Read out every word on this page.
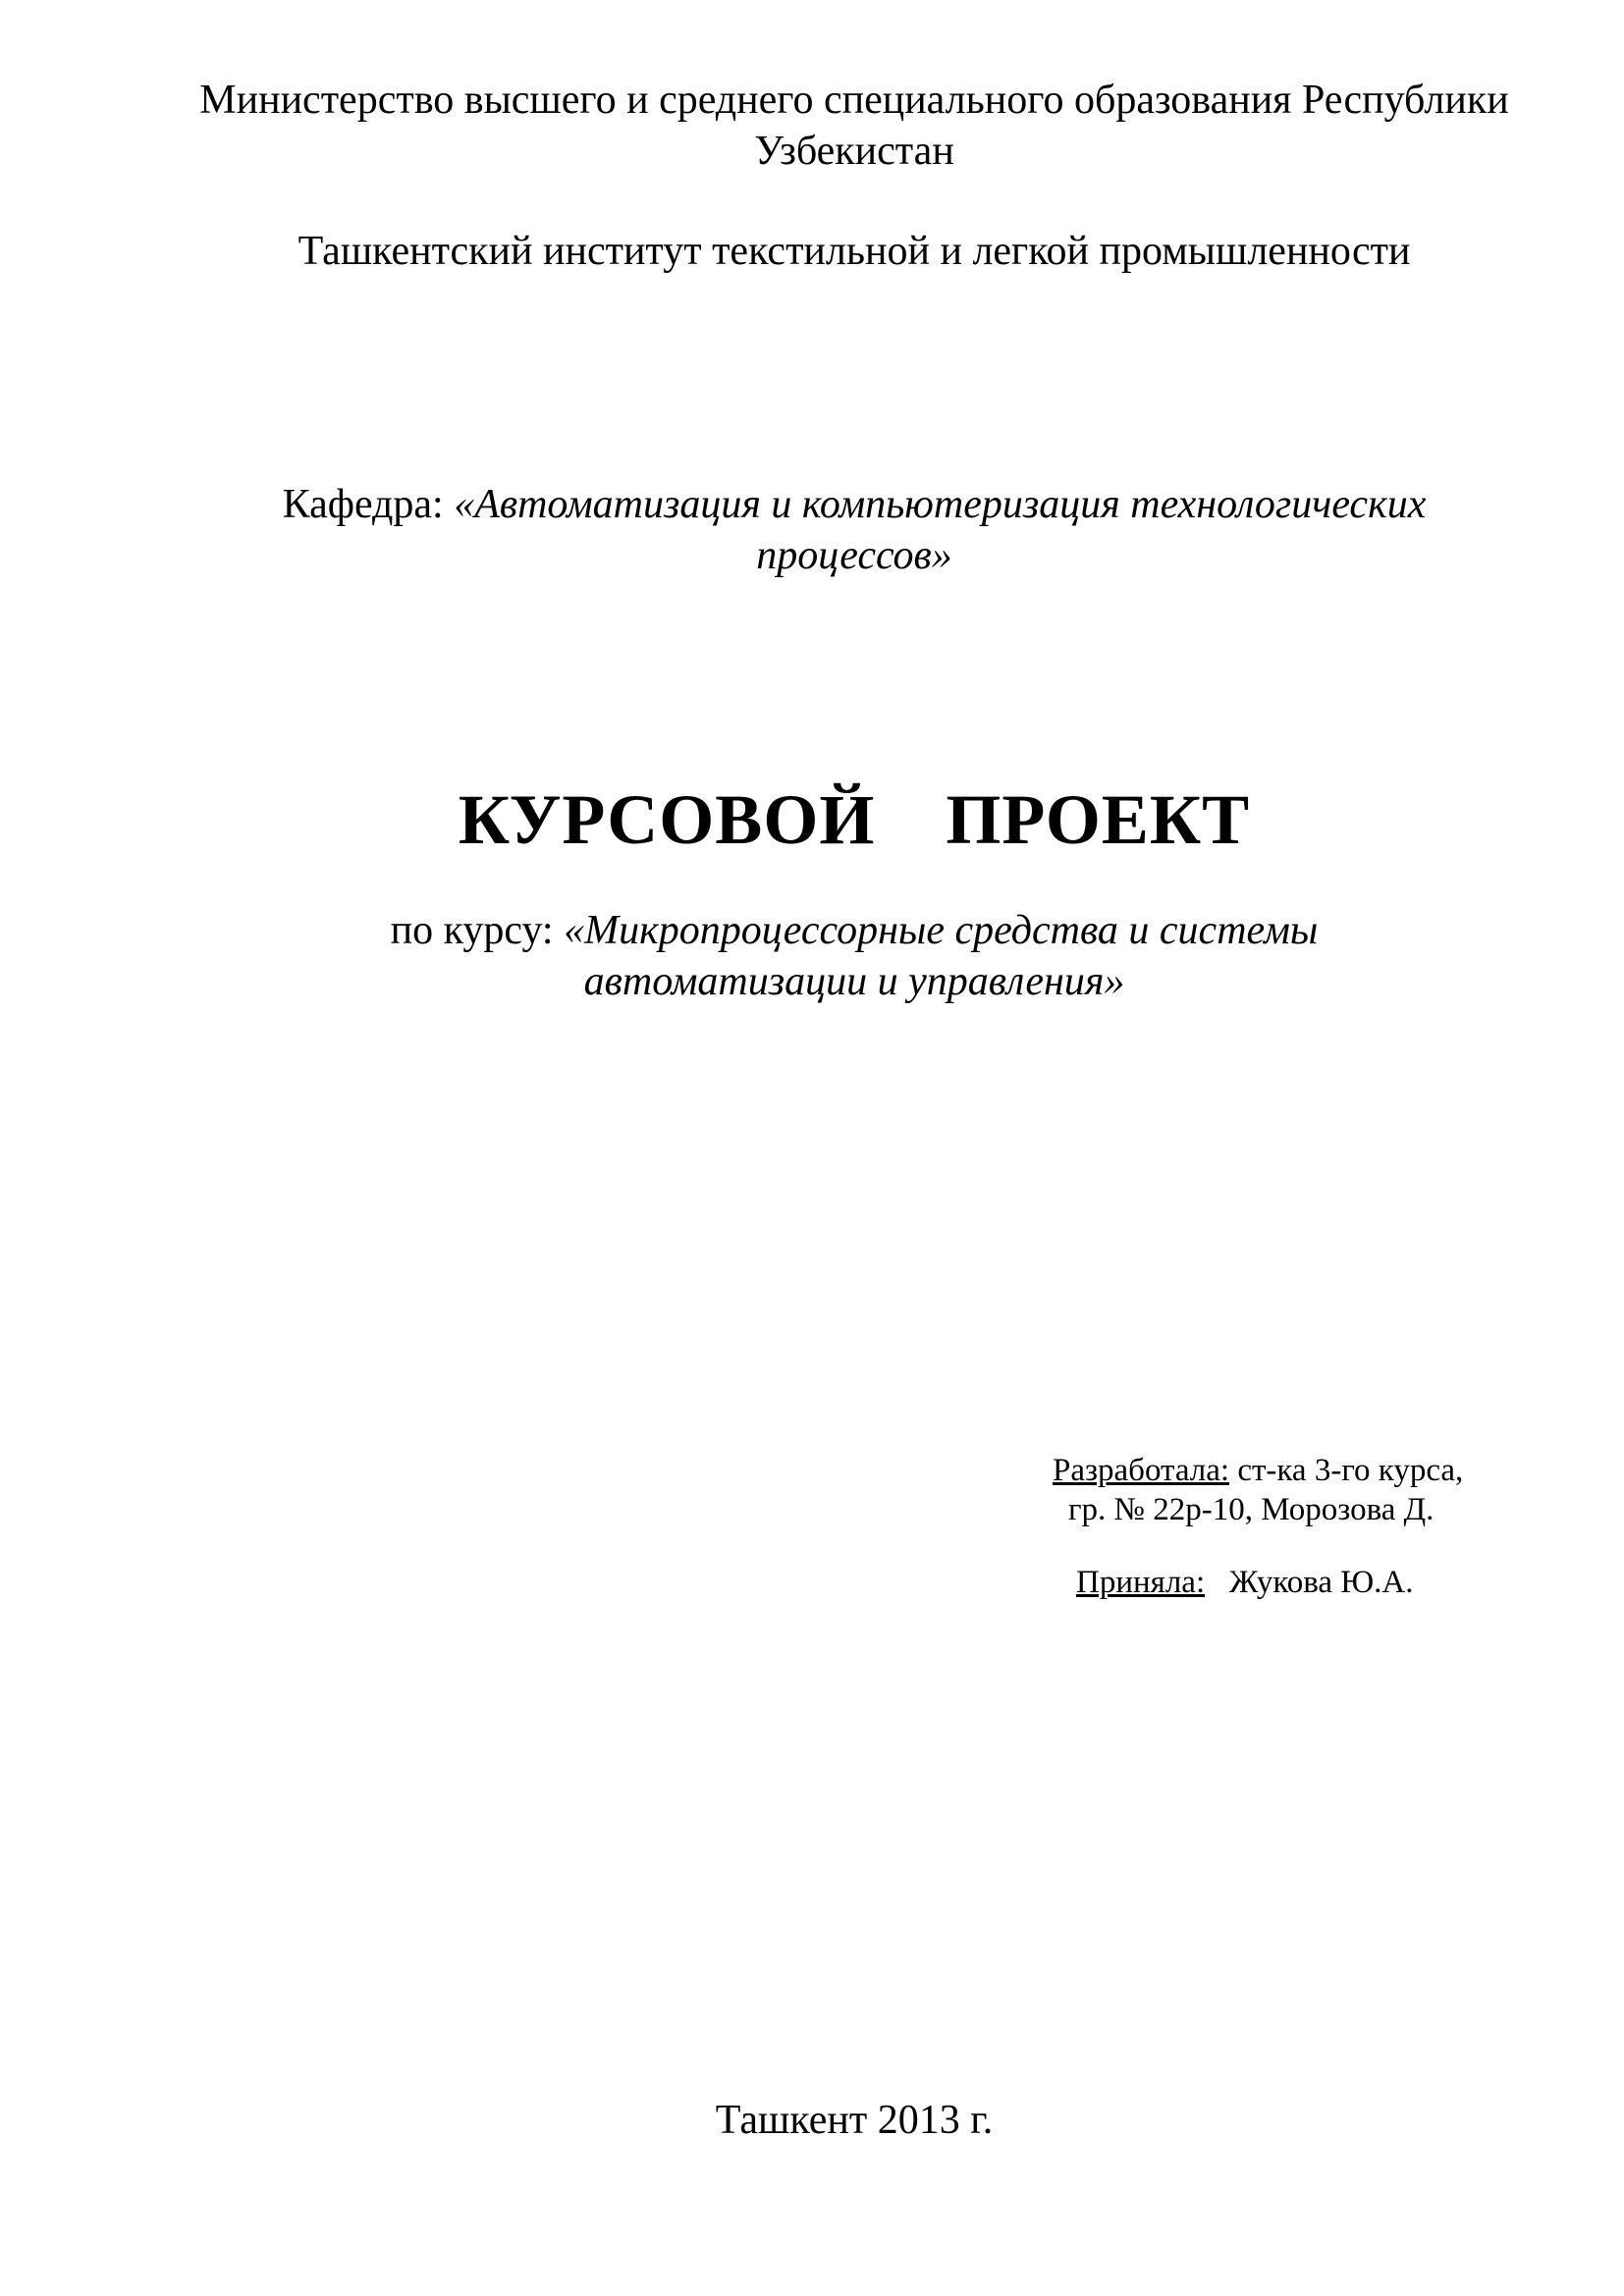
Министерство высшего и среднего специального образования Республики
Узбекистан
Ташкентский институт текстильной и легкой промышленности
Кафедра: «Автоматизация и компьютеризация технологических
процессов»
КУРСОВОЙ ПРОЕКТ
по курсу: «Микропроцессорные средства и системы
автоматизации и управления»
Разработала: ст-ка 3-го курса,
гр. № 22р-10, Морозова Д.
Приняла: Жукова Ю.А.
Ташкент 2013 г.
